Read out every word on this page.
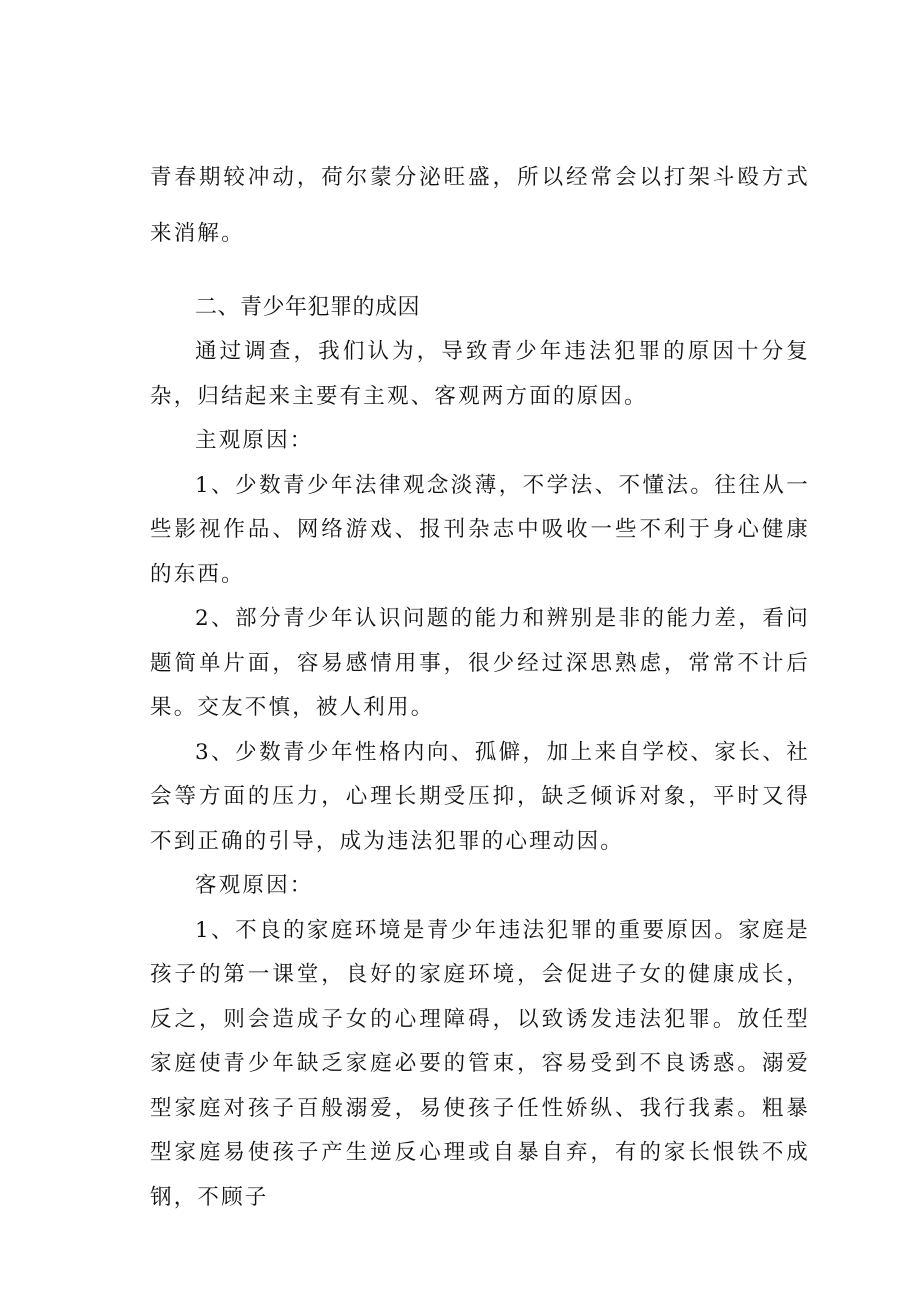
青春期较冲动，荷尔蒙分泌旺盛，所以经常会以打架斗殴方式来消解。

二、青少年犯罪的成因

通过调查，我们认为，导致青少年违法犯罪的原因十分复杂，归结起来主要有主观、客观两方面的原因。

主观原因：

1、少数青少年法律观念淡薄，不学法、不懂法。往往从一些影视作品、网络游戏、报刊杂志中吸收一些不利于身心健康的东西。

2、部分青少年认识问题的能力和辨别是非的能力差，看问题简单片面，容易感情用事，很少经过深思熟虑，常常不计后果。交友不慎，被人利用。

3、少数青少年性格内向、孤僻，加上来自学校、家长、社会等方面的压力，心理长期受压抑，缺乏倾诉对象，平时又得不到正确的引导，成为违法犯罪的心理动因。

客观原因：

1、不良的家庭环境是青少年违法犯罪的重要原因。家庭是孩子的第一课堂，良好的家庭环境，会促进子女的健康成长，反之，则会造成子女的心理障碍，以致诱发违法犯罪。放任型家庭使青少年缺乏家庭必要的管束，容易受到不良诱惑。溺爱型家庭对孩子百般溺爱，易使孩子任性娇纵、我行我素。粗暴型家庭易使孩子产生逆反心理或自暴自弃，有的家长恨铁不成钢，不顾子
